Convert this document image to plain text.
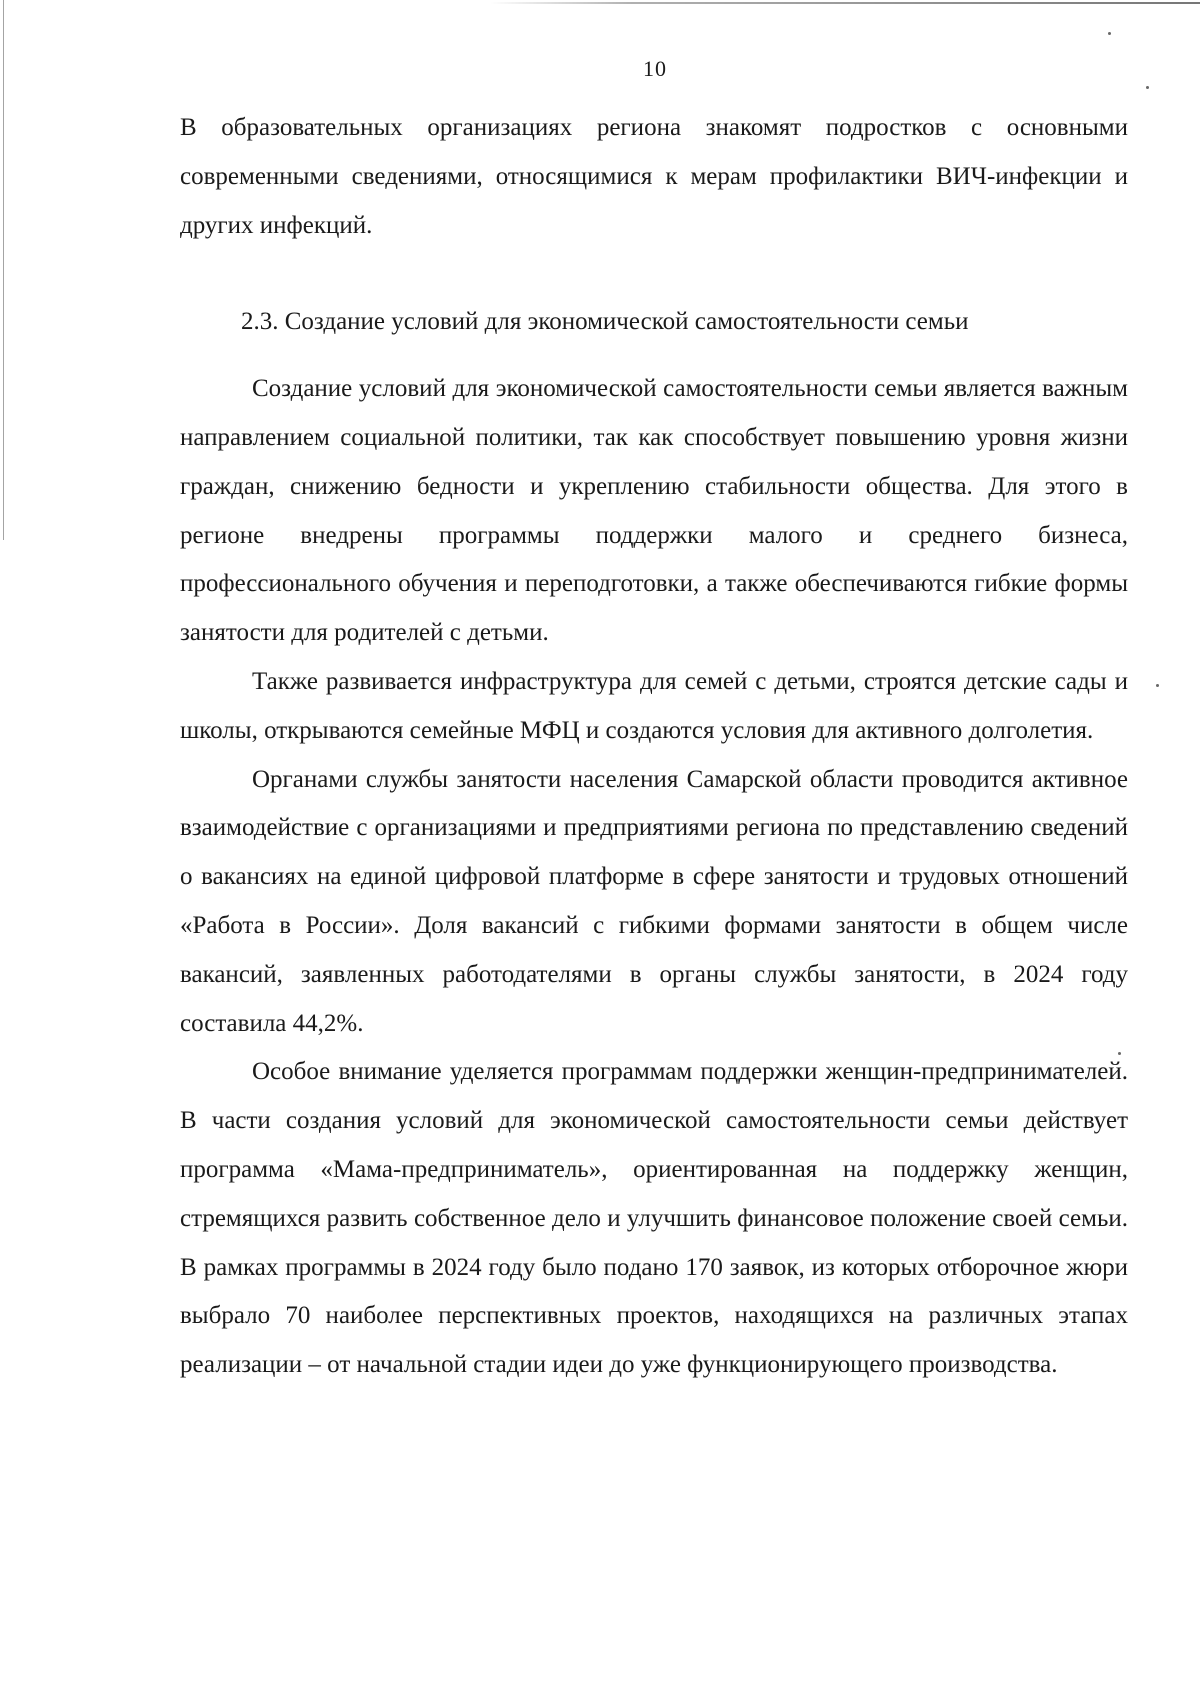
10

В образовательных организациях региона знакомят подростков с основными современными сведениями, относящимися к мерам профилактики ВИЧ-инфекции и других инфекций.

2.3. Создание условий для экономической самостоятельности семьи

Создание условий для экономической самостоятельности семьи является важным направлением социальной политики, так как способствует повышению уровня жизни граждан, снижению бедности и укреплению стабильности общества. Для этого в регионе внедрены программы поддержки малого и среднего бизнеса, профессионального обучения и переподготовки, а также обеспечиваются гибкие формы занятости для родителей с детьми.

Также развивается инфраструктура для семей с детьми, строятся детские сады и школы, открываются семейные МФЦ и создаются условия для активного долголетия.

Органами службы занятости населения Самарской области проводится активное взаимодействие с организациями и предприятиями региона по представлению сведений о вакансиях на единой цифровой платформе в сфере занятости и трудовых отношений «Работа в России». Доля вакансий с гибкими формами занятости в общем числе вакансий, заявленных работодателями в органы службы занятости, в 2024 году составила 44,2%.

Особое внимание уделяется программам поддержки женщин-предпринимателей. В части создания условий для экономической самостоятельности семьи действует программа «Мама-предприниматель», ориентированная на поддержку женщин, стремящихся развить собственное дело и улучшить финансовое положение своей семьи. В рамках программы в 2024 году было подано 170 заявок, из которых отборочное жюри выбрало 70 наиболее перспективных проектов, находящихся на различных этапах реализации – от начальной стадии идеи до уже функционирующего производства.
